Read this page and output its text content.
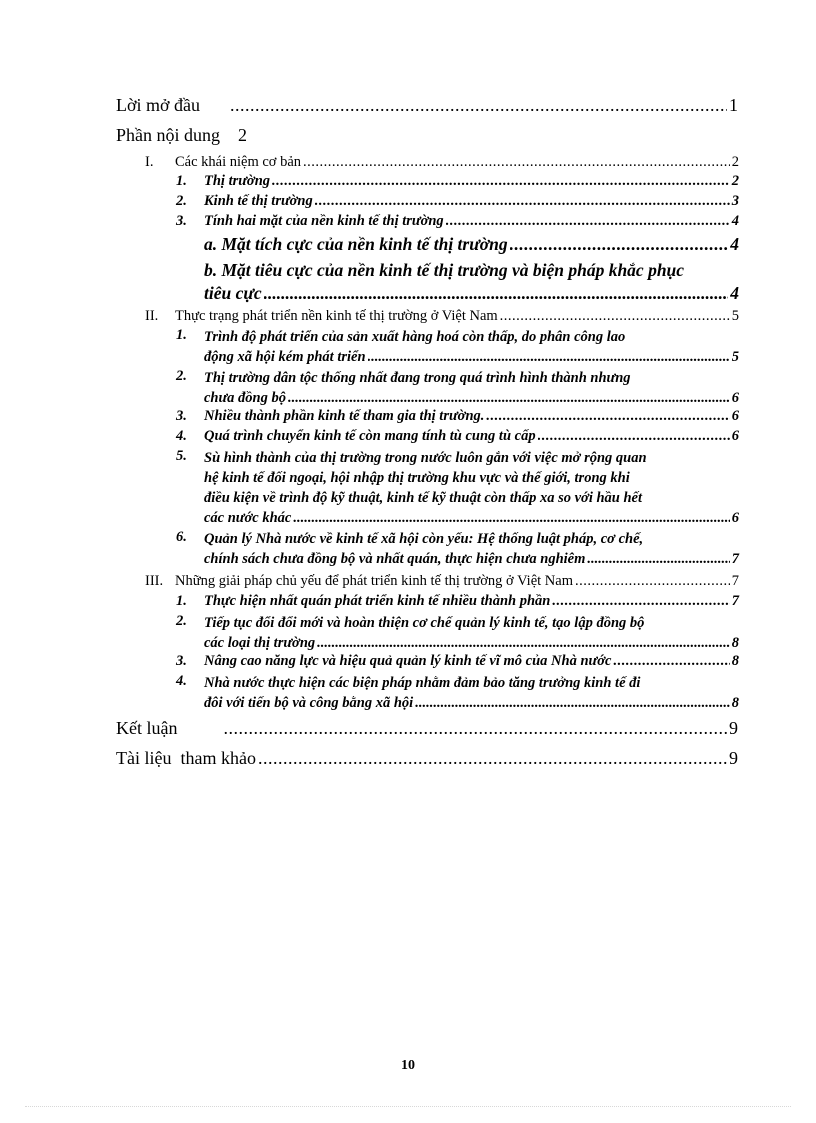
Lời mở đầu .....	1
Phần nội dung 2
I. Các khái niệm cơ bản .....	2
1. Thị trường .....	2
2. Kinh tế thị trường .....	3
3. Tính hai mặt của nền kinh tế thị trường .....	4
a. Mặt tích cực của nền kinh tế thị trường .....	4
b. Mặt tiêu cực của nền kinh tế thị trường và biện pháp khắc phục
tiêu cực .....	4
II. Thực trạng phát triển nền kinh tế thị trường ở Việt Nam .....	5
1. Trình độ phát triển của sản xuất hàng hoá còn thấp, do phân công lao
động xã hội kém phát triển .....	5
2. Thị trường dân tộc thống nhất đang trong quá trình hình thành nhưng
chưa đồng bộ .....	6
3. Nhiều thành phần kinh tế tham gia thị trường. .....	6
4. Quá trình chuyển kinh tế còn mang tính tù cung tù cấp .....	6
5. Sù hình thành của thị trường trong nước luôn gắn với việc mở rộng quan
hệ kinh tế đối ngoại, hội nhập thị trường khu vực và thế giới, trong khi
điều kiện về trình độ kỹ thuật, kinh tế kỹ thuật còn thấp xa so với hầu hết
các nước khác .....	6
6. Quản lý Nhà nước về kinh tế xã hội còn yếu: Hệ thống luật pháp, cơ chế,
chính sách chưa đồng bộ và nhất quán, thực hiện chưa nghiêm .....	7
III. Những giải pháp chủ yếu để phát triển kinh tế thị trường ở Việt Nam .....	7
1. Thực hiện nhất quán phát triển kinh tế nhiều thành phần .....	7
2. Tiếp tục đổi đổi mới và hoàn thiện cơ chế quản lý kinh tế, tạo lập đồng bộ
các loại thị trường .....	8
3. Nâng cao năng lực và hiệu quả quản lý kinh tế vĩ mô của Nhà nước .....	8
4. Nhà nước thực hiện các biện pháp nhằm đảm bảo tăng trưởng kinh tế đi
đôi với tiến bộ và công bằng xã hội .....	8
Kết luận .....	9
Tài liệu  tham khảo .....	9
10
